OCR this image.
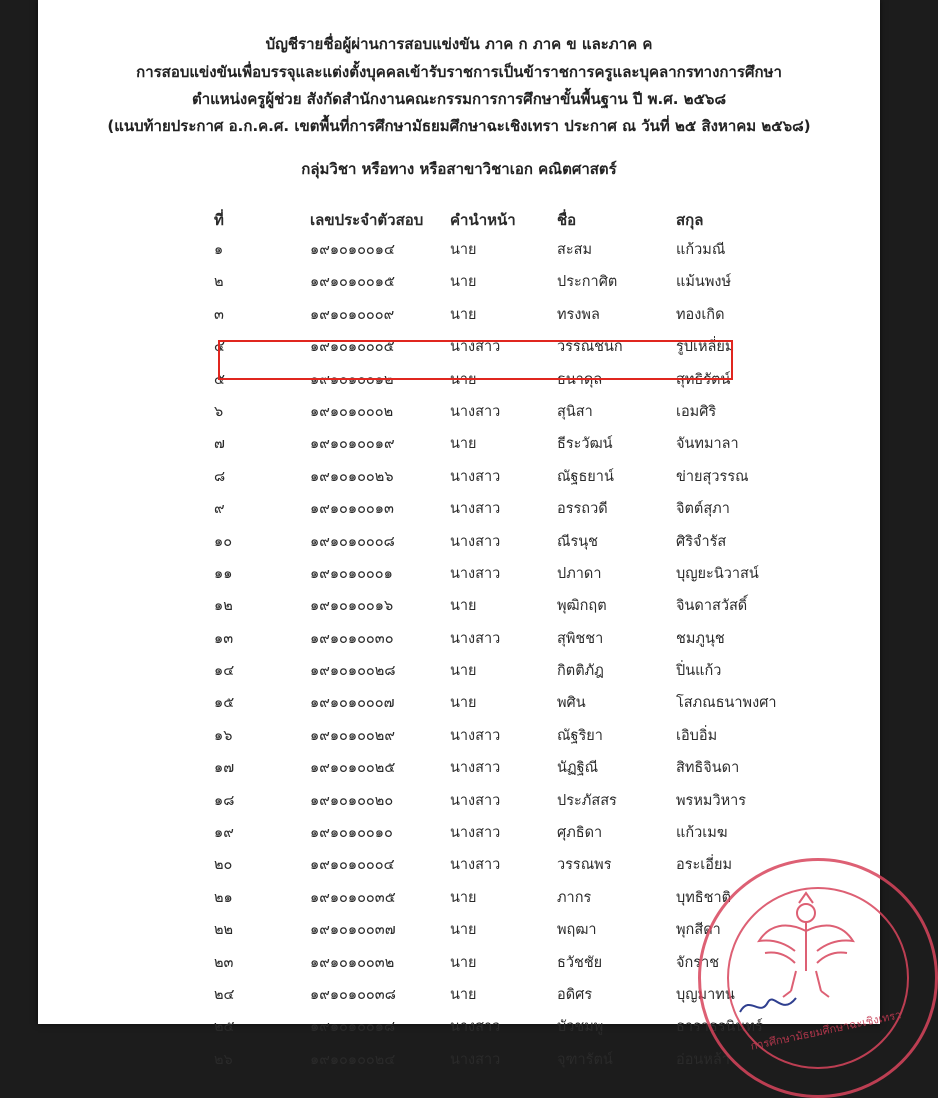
บัญชีรายชื่อผู้ผ่านการสอบแข่งขัน ภาค ก ภาค ข และภาค ค
การสอบแข่งขันเพื่อบรรจุและแต่งตั้งบุคคลเข้ารับราชการเป็นข้าราชการครูและบุคลากรทางการศึกษา
ตำแหน่งครูผู้ช่วย สังกัดสำนักงานคณะกรรมการการศึกษาขั้นพื้นฐาน ปี พ.ศ. ๒๕๖๘
(แนบท้ายประกาศ อ.ก.ค.ศ. เขตพื้นที่การศึกษามัธยมศึกษาฉะเชิงเทรา ประกาศ ณ วันที่ ๒๕ สิงหาคม ๒๕๖๘)
กลุ่มวิชา หรือทาง หรือสาขาวิชาเอก คณิตศาสตร์
ที่	เลขประจำตัวสอบ คำนำหน้า	ชื่อ	สกุล
๑	๑๙๑๐๑๐๐๑๔	นาย	สะสม	แก้วมณี
๒	๑๙๑๐๑๐๐๑๕	นาย	ประกาศิต	แม้นพงษ์
๓	๑๙๑๐๑๐๐๐๙	นาย	ทรงพล	ทองเกิด
๔	๑๙๑๐๑๐๐๐๕	นางสาว	วรรณชนก	รูปเหลี่ยม
๕	๑๙๑๐๑๐๐๑๒	นาย	ธนาดุล	สุทธิรัตน์
๖	๑๙๑๐๑๐๐๐๒	นางสาว	สุนิสา	เอมศิริ
๗	๑๙๑๐๑๐๐๑๙	นาย	ธีระวัฒน์	จันทมาลา
๘	๑๙๑๐๑๐๐๒๖	นางสาว	ณัฐธยาน์	ข่ายสุวรรณ
๙	๑๙๑๐๑๐๐๑๓	นางสาว	อรรถวดี	จิตต์สุภา
๑๐	๑๙๑๐๑๐๐๐๘	นางสาว	ณีรนุช	ศิริจำรัส
๑๑	๑๙๑๐๑๐๐๐๑	นางสาว	ปภาดา	บุญยะนิวาสน์
๑๒	๑๙๑๐๑๐๐๑๖	นาย	พุฒิกฤต	จินดาสวัสดิ์
๑๓	๑๙๑๐๑๐๐๓๐	นางสาว	สุพิชชา	ชมภูนุช
๑๔	๑๙๑๐๑๐๐๒๘	นาย	กิตติภัฎ	ปิ่นแก้ว
๑๕	๑๙๑๐๑๐๐๐๗	นาย	พศิน	โสภณธนาพงศา
๑๖	๑๙๑๐๑๐๐๒๙	นางสาว	ณัฐริยา	เอิบอิ่ม
๑๗	๑๙๑๐๑๐๐๒๕	นางสาว	นัฏฐิณี	สิทธิจินดา
๑๘	๑๙๑๐๑๐๐๒๐	นางสาว	ประภัสสร	พรหมวิหาร
๑๙	๑๙๑๐๑๐๐๑๐	นางสาว	ศุภธิดา	แก้วเมฆ
๒๐	๑๙๑๐๑๐๐๐๔	นางสาว	วรรณพร	อระเอี่ยม
๒๑	๑๙๑๐๑๐๐๓๕	นาย	ภากร	บุทธิชาติ
๒๒	๑๙๑๐๑๐๐๓๗	นาย	พฤฒา	พุกสีดา
๒๓	๑๙๑๐๑๐๐๓๒	นาย	ธวัชชัย	จักราช
๒๔	๑๙๑๐๑๐๐๓๘	นาย	อดิศร	บุญมาทน
๒๕	๑๙๑๐๑๐๐๑๘	นางสาว	บัวชมพู	ธาราธรนินทร์
๒๖	๑๙๑๐๑๐๐๒๔	นางสาว	จุฑารัตน์	อ่อนหล้า
การศึกษามัธยมศึกษาฉะเชิงเทรา
